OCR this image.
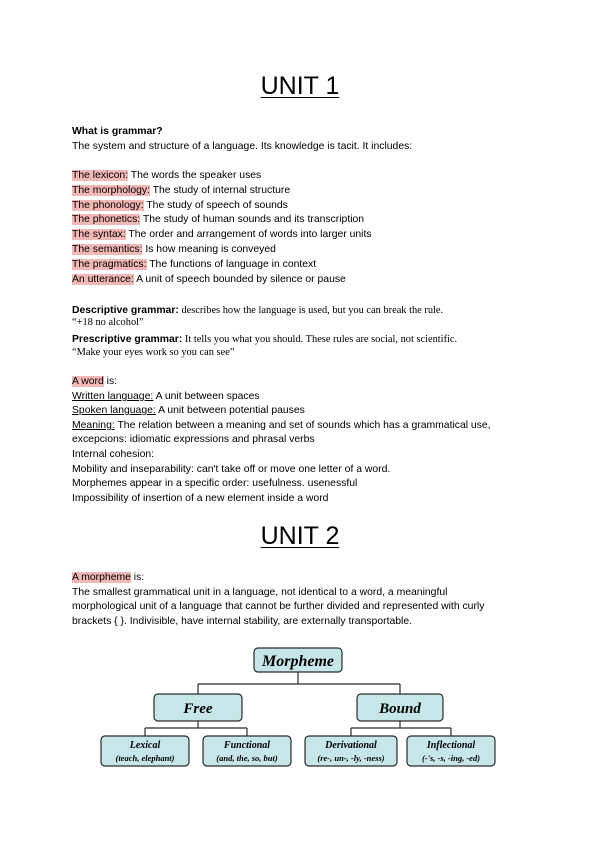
UNIT 1
What is grammar?
The system and structure of a language. Its knowledge is tacit. It includes:
The lexicon: The words the speaker uses
The morphology: The study of internal structure
The phonology: The study of speech of sounds
The phonetics: The study of human sounds and its transcription
The syntax: The order and arrangement of words into larger units
The semantics: Is how meaning is conveyed
The pragmatics: The functions of language in context
An utterance: A unit of speech bounded by silence or pause
Descriptive grammar: describes how the language is used, but you can break the rule.
“+18 no alcohol”
Prescriptive grammar: It tells you what you should. These rules are social, not scientific.
“Make your eyes work so you can see”
A word is:
Written language: A unit between spaces
Spoken language: A unit between potential pauses
Meaning: The relation between a meaning and set of sounds which has a grammatical use,
excepcions: idiomatic expressions and phrasal verbs
Internal cohesion:
Mobility and inseparability: can't take off or move one letter of a word.
Morphemes appear in a specific order: usefulness. usenessful
Impossibility of insertion of a new element inside a word
UNIT 2
A morpheme is:
The smallest grammatical unit in a language, not identical to a word, a meaningful
morphological unit of a language that cannot be further divided and represented with curly
brackets { }. Indivisible, have internal stability, are externally transportable.
Morpheme
Free	Bound
Lexical
(teach, elephant)
Functional
(and, the, so, but)
Derivational
(re-, un-, -ly, -ness)
Inflectional
(-'s, -s, -ing, -ed)
